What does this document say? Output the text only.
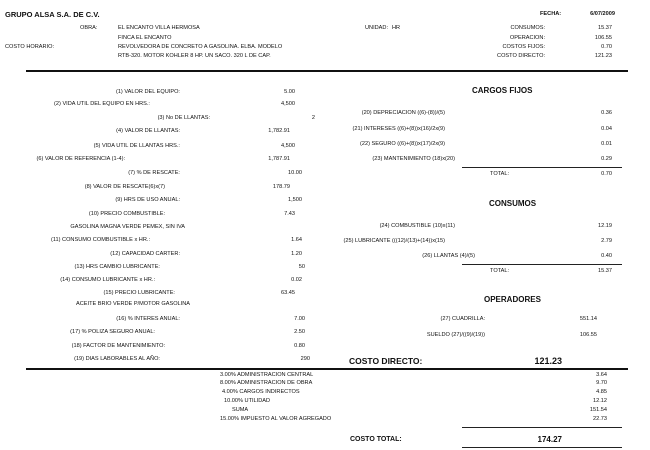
GRUPO ALSA S.A. DE C.V.	FECHA:	6/07/2009
OBRA:	EL ENCANTO VILLA HERMOSA
FINCA EL ENCANTO
COSTO HORARIO:	REVOLVEDORA DE CONCRETO A GASOLINA. ELBA. MODELO
RTB-320. MOTOR KOHLER 8 HP. UN SACO. 320 L DE CAP.
UNIDAD: HR	CONSUMOS:	15.37
OPERACION:	106.55
COSTOS FIJOS:	0.70
COSTO DIRECTO:	121.23
(1) VALOR DEL EQUIPO:	5.00
(2) VIDA UTIL DEL EQUIPO EN HRS.:	4,500
(3) No DE LLANTAS:	2
(4) VALOR DE LLANTAS:	1,782.91
(5) VIDA UTIL DE LLANTAS HRS.:	4,500
(6) VALOR DE REFERENCIA (1-4):	1,787.91
(7) % DE RESCATE:	10.00
(8) VALOR DE RESCATE(6)x(7)	178.79
(9) HRS DE USO ANUAL:	1,500
(10) PRECIO COMBUSTIBLE:	7.43
GASOLINA MAGNA VERDE PEMEX, SIN IVA
(11) CONSUMO COMBUSTIBLE x HR.:	1.64
(12) CAPACIDAD CARTER:	1.20
(13) HRS CAMBIO LUBRICANTE:	50
(14) CONSUMO LUBRICANTE x HR.:	0.02
(15) PRECIO LUBRICANTE:	63.45
ACEITE BRIO VERDE P/MOTOR GASOLINA
(16) % INTERES ANUAL:	7.00
(17) % POLIZA SEGURO ANUAL:	2.50
(18) FACTOR DE MANTENIMIENTO:	0.80
(19) DIAS LABORABLES AL AÑO:	290
CARGOS FIJOS
(20) DEPRECIACION ((6)-(8))/(5)	0.36
(21) INTERESES ((6)+(8))x(16)/2x(9)	0.04
(22) SEGURO ((6)+(8))x(17)/2x(9)	0.01
(23) MANTENIMIENTO (18)x(20)	0.29
TOTAL:	0.70
CONSUMOS
(24) COMBUSTIBLE (10)x(11)	12.19
(25) LUBRICANTE (((12)/(13)+(14))x(15)	2.79
(26) LLANTAS (4)/(5)	0.40
TOTAL:	15.37
OPERADORES
(27) CUADRILLA:	551.14
SUELDO (27)/((9)/(19))	106.55
COSTO DIRECTO:	121.23
3.00% ADMINISTRACION CENTRAL	3.64
8.00% ADMINISTRACION DE OBRA	9.70
4.00% CARGOS INDIRECTOS	4.85
10.00% UTILIDAD	12.12
SUMA	151.54
15.00% IMPUESTO AL VALOR AGREGADO	22.73
COSTO TOTAL:	174.27
